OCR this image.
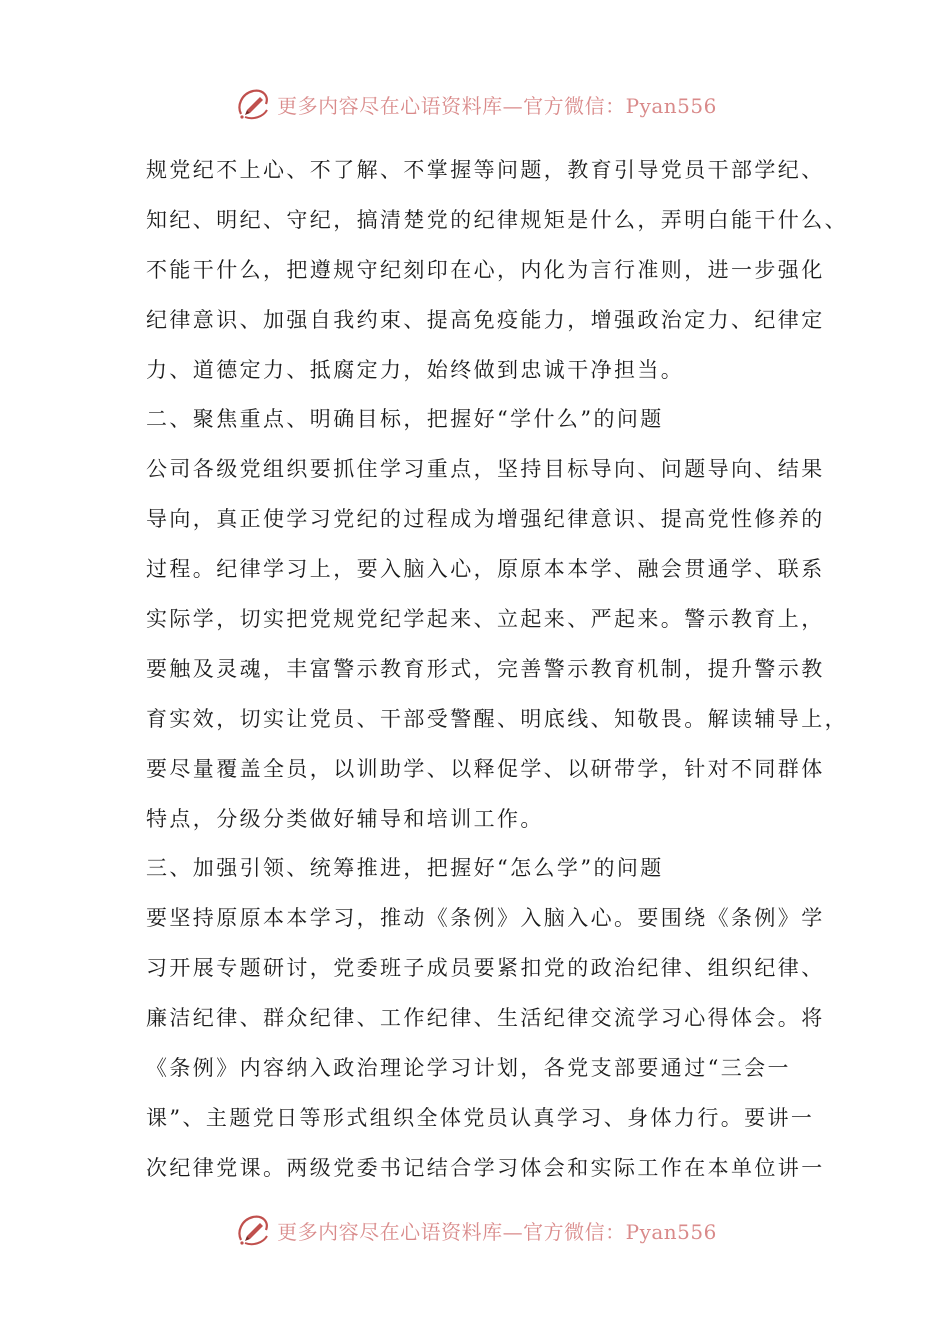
更多内容尽在心语资料库—官方微信：Pyan556
规党纪不上心、不了解、不掌握等问题，教育引导党员干部学纪、
知纪、明纪、守纪，搞清楚党的纪律规矩是什么，弄明白能干什么、
不能干什么，把遵规守纪刻印在心，内化为言行准则，进一步强化
纪律意识、加强自我约束、提高免疫能力，增强政治定力、纪律定
力、道德定力、抵腐定力，始终做到忠诚干净担当。
二、聚焦重点、明确目标，把握好“学什么”的问题
公司各级党组织要抓住学习重点，坚持目标导向、问题导向、结果
导向，真正使学习党纪的过程成为增强纪律意识、提高党性修养的
过程。纪律学习上，要入脑入心，原原本本学、融会贯通学、联系
实际学，切实把党规党纪学起来、立起来、严起来。警示教育上，
要触及灵魂，丰富警示教育形式，完善警示教育机制，提升警示教
育实效，切实让党员、干部受警醒、明底线、知敬畏。解读辅导上，
要尽量覆盖全员，以训助学、以释促学、以研带学，针对不同群体
特点，分级分类做好辅导和培训工作。
三、加强引领、统筹推进，把握好“怎么学”的问题
要坚持原原本本学习，推动《条例》入脑入心。要围绕《条例》学
习开展专题研讨，党委班子成员要紧扣党的政治纪律、组织纪律、
廉洁纪律、群众纪律、工作纪律、生活纪律交流学习心得体会。将
《条例》内容纳入政治理论学习计划，各党支部要通过“三会一
课”、主题党日等形式组织全体党员认真学习、身体力行。要讲一
次纪律党课。两级党委书记结合学习体会和实际工作在本单位讲一
更多内容尽在心语资料库—官方微信：Pyan556
